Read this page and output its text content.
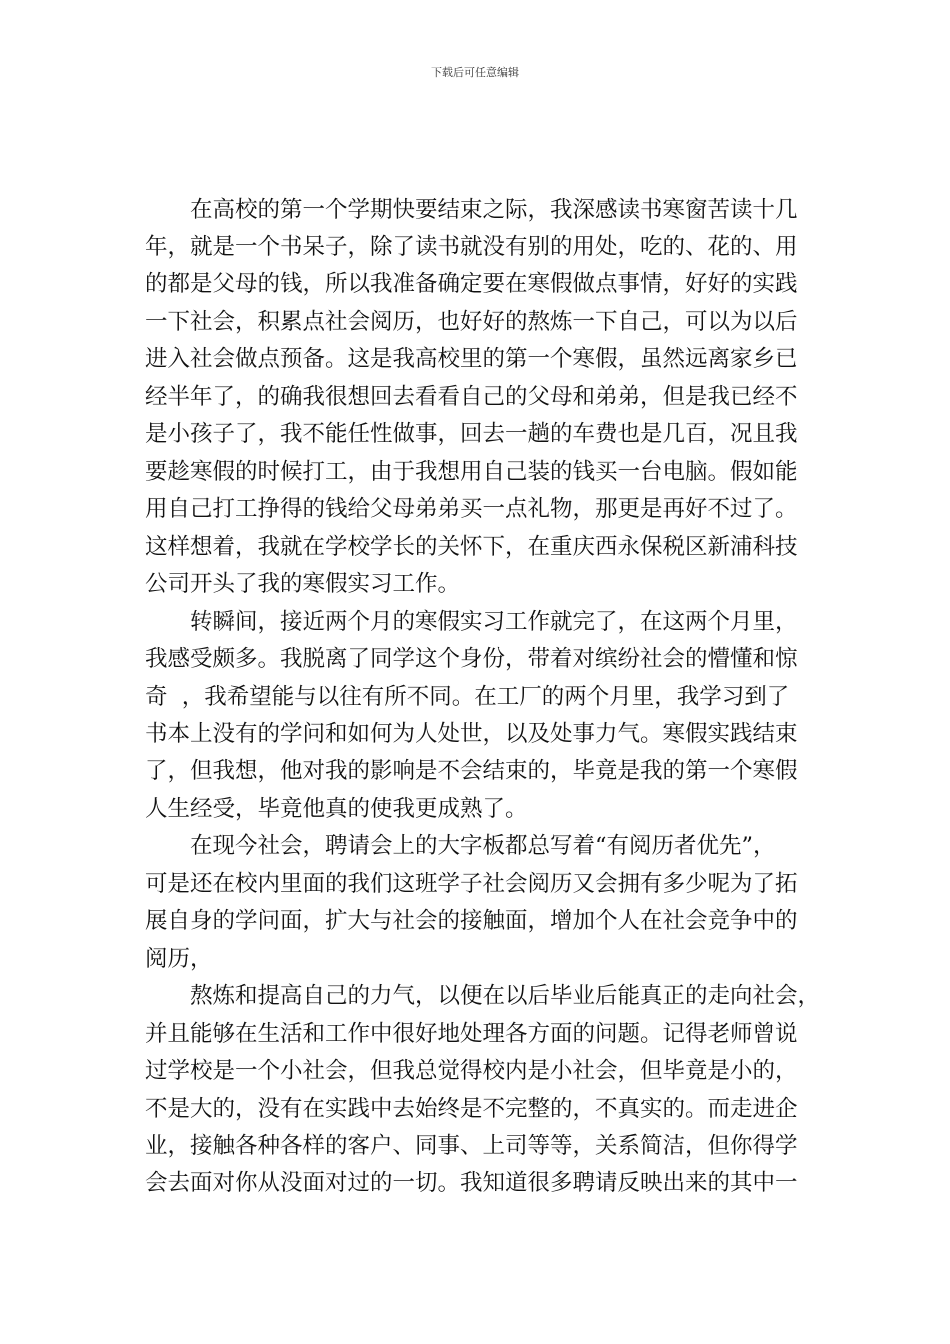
下载后可任意编辑
在高校的第一个学期快要结束之际，我深感读书寒窗苦读十几
年，就是一个书呆子，除了读书就没有别的用处，吃的、花的、用
的都是父母的钱，所以我准备确定要在寒假做点事情，好好的实践
一下社会，积累点社会阅历，也好好的熬炼一下自己，可以为以后
进入社会做点预备。这是我高校里的第一个寒假，虽然远离家乡已
经半年了，的确我很想回去看看自己的父母和弟弟，但是我已经不
是小孩子了，我不能任性做事，回去一趟的车费也是几百，况且我
要趁寒假的时候打工，由于我想用自己装的钱买一台电脑。假如能
用自己打工挣得的钱给父母弟弟买一点礼物，那更是再好不过了。
这样想着，我就在学校学长的关怀下，在重庆西永保税区新浦科技
公司开头了我的寒假实习工作。
转瞬间，接近两个月的寒假实习工作就完了，在这两个月里，
我感受颇多。我脱离了同学这个身份，带着对缤纷社会的懵懂和惊
奇  ，我希望能与以往有所不同。在工厂的两个月里，我学习到了
书本上没有的学问和如何为人处世，以及处事力气。寒假实践结束
了，但我想，他对我的影响是不会结束的，毕竟是我的第一个寒假
人生经受，毕竟他真的使我更成熟了。
在现今社会，聘请会上的大字板都总写着“有阅历者优先”，
可是还在校内里面的我们这班学子社会阅历又会拥有多少呢为了拓
展自身的学问面，扩大与社会的接触面，增加个人在社会竞争中的
阅历，
熬炼和提高自己的力气，以便在以后毕业后能真正的走向社会，
并且能够在生活和工作中很好地处理各方面的问题。记得老师曾说
过学校是一个小社会，但我总觉得校内是小社会，但毕竟是小的，
不是大的，没有在实践中去始终是不完整的，不真实的。而走进企
业，接触各种各样的客户、同事、上司等等，关系简洁，但你得学
会去面对你从没面对过的一切。我知道很多聘请反映出来的其中一
